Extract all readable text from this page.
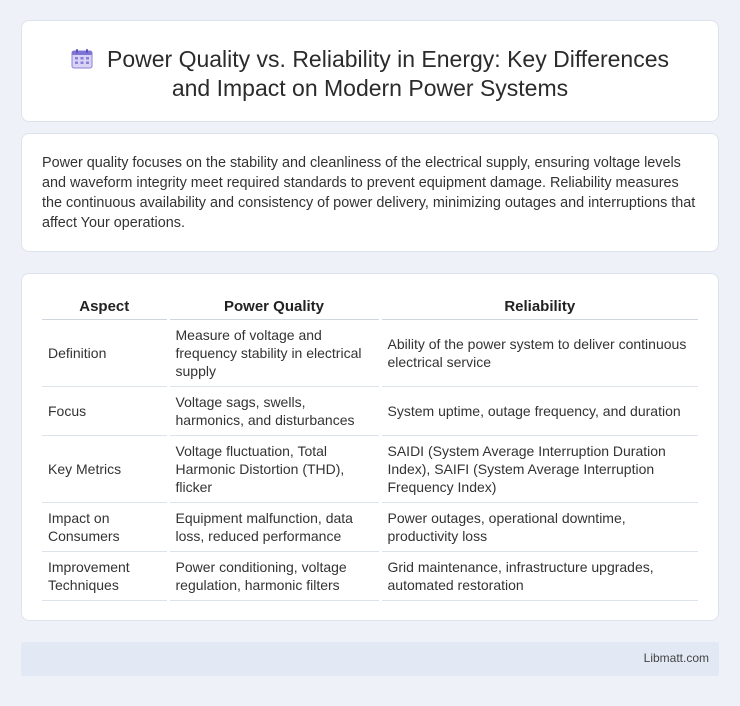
Power Quality vs. Reliability in Energy: Key Differences and Impact on Modern Power Systems

Power quality focuses on the stability and cleanliness of the electrical supply, ensuring voltage levels and waveform integrity meet required standards to prevent equipment damage. Reliability measures the continuous availability and consistency of power delivery, minimizing outages and interruptions that affect Your operations.

Aspect	Power Quality	Reliability
Definition	Measure of voltage and frequency stability in electrical supply	Ability of the power system to deliver continuous electrical service
Focus	Voltage sags, swells, harmonics, and disturbances	System uptime, outage frequency, and duration
Key Metrics	Voltage fluctuation, Total Harmonic Distortion (THD), flicker	SAIDI (System Average Interruption Duration Index), SAIFI (System Average Interruption Frequency Index)
Impact on Consumers	Equipment malfunction, data loss, reduced performance	Power outages, operational downtime, productivity loss
Improvement Techniques	Power conditioning, voltage regulation, harmonic filters	Grid maintenance, infrastructure upgrades, automated restoration
Libmatt.com
